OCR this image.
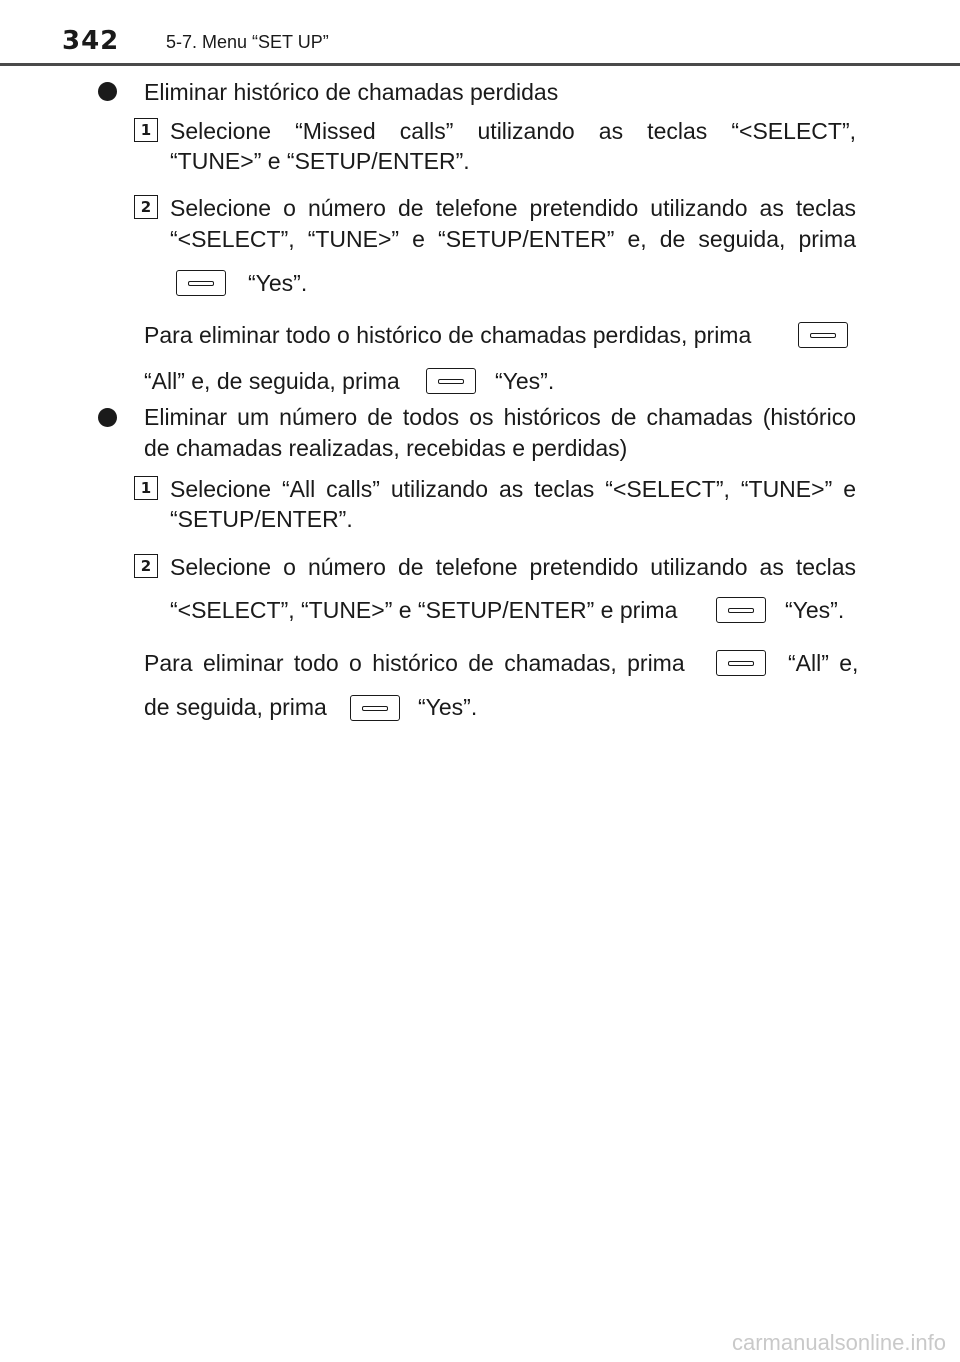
342	5-7. Menu “SET UP”
Eliminar histórico de chamadas perdidas
1 Selecione “Missed calls” utilizando as teclas “<SELECT”,
“TUNE>” e “SETUP/ENTER”.
2 Selecione o número de telefone pretendido utilizando as teclas
“<SELECT”, “TUNE>” e “SETUP/ENTER” e, de seguida, prima
“Yes”.
Para eliminar todo o histórico de chamadas perdidas, prima
“All” e, de seguida, prima	“Yes”.
Eliminar um número de todos os históricos de chamadas (histórico
de chamadas realizadas, recebidas e perdidas)
1 Selecione “All calls” utilizando as teclas “<SELECT”, “TUNE>” e
“SETUP/ENTER”.
2 Selecione o número de telefone pretendido utilizando as teclas
“<SELECT”, “TUNE>” e “SETUP/ENTER” e prima	“Yes”.
Para eliminar todo o histórico de chamadas, prima	“All” e,
de seguida, prima	“Yes”.
carmanualsonline.info
